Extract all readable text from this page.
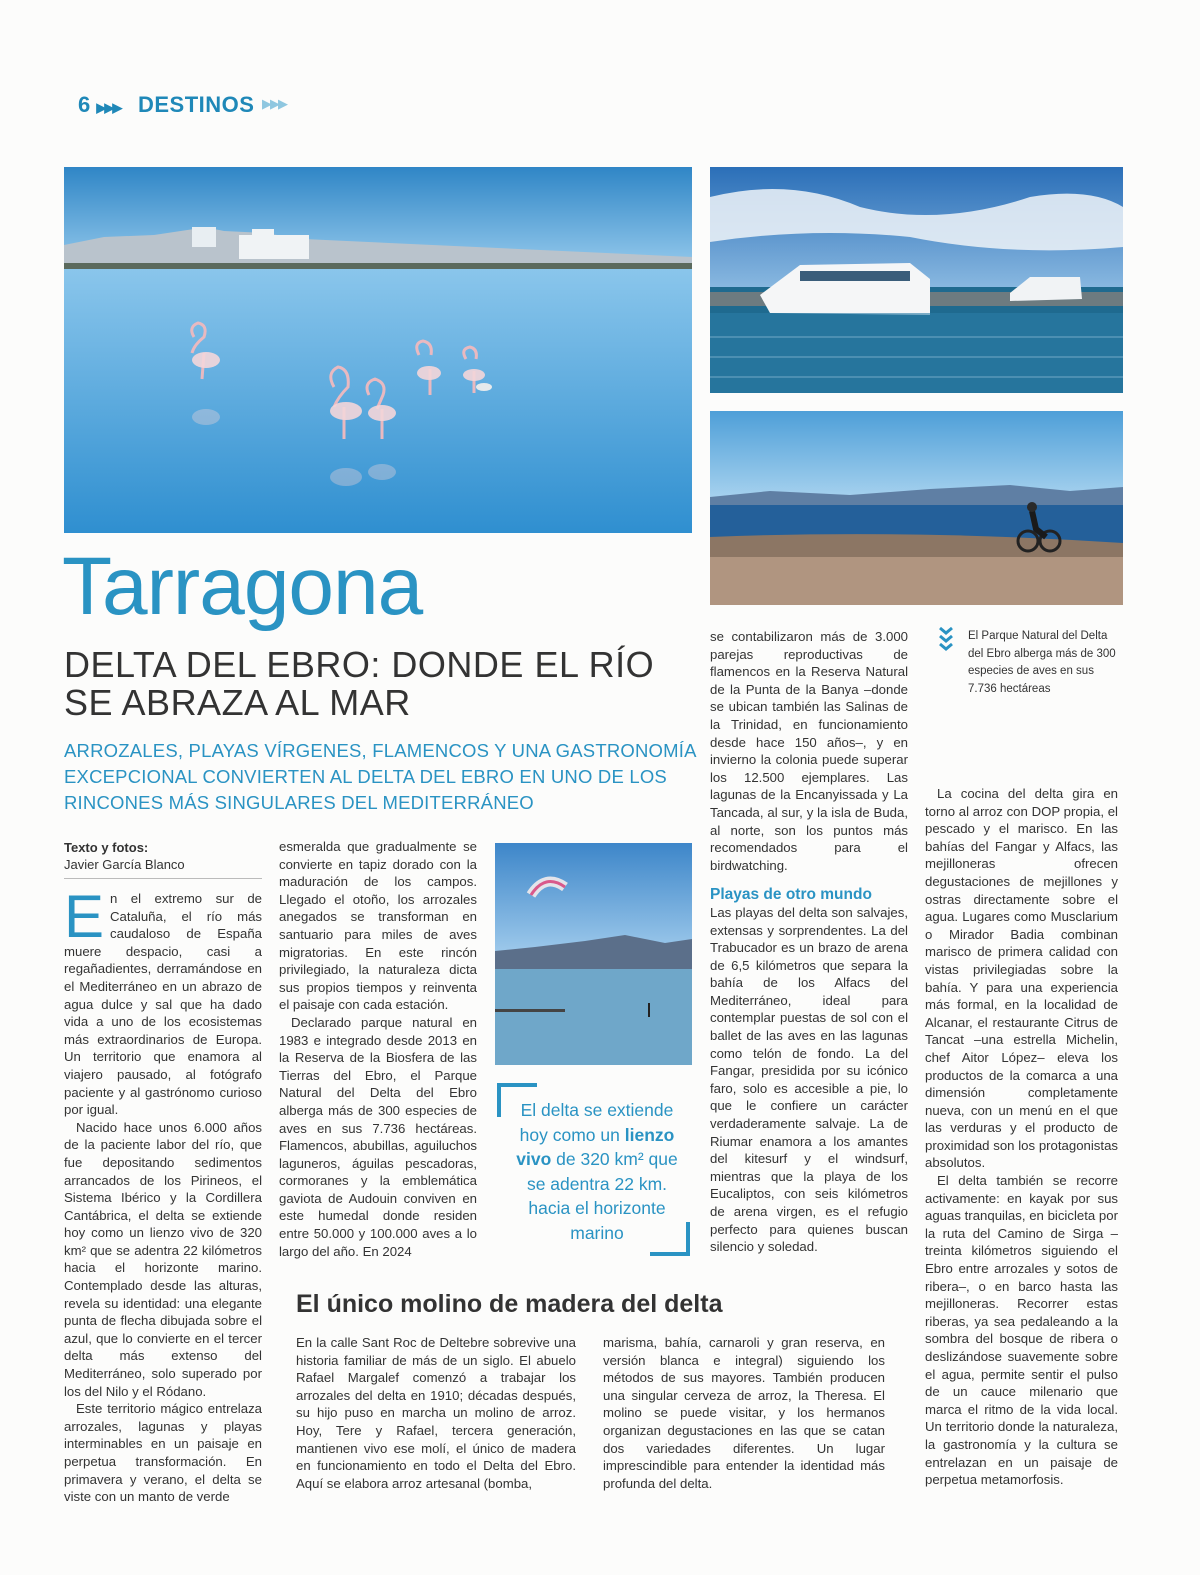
6 ▶▶▶ DESTINOS ▶▶▶
Tarragona
DELTA DEL EBRO: DONDE EL RÍO SE ABRAZA AL MAR
ARROZALES, PLAYAS VÍRGENES, FLAMENCOS Y UNA GASTRONOMÍA EXCEPCIONAL CONVIERTEN AL DELTA DEL EBRO EN UNO DE LOS RINCONES MÁS SINGULARES DEL MEDITERRÁNEO
Texto y fotos:
Javier García Blanco

En el extremo sur de Cataluña, el río más caudaloso de España muere despacio, casi a regañadientes, derramándose en el Mediterráneo en un abrazo de agua dulce y sal que ha dado vida a uno de los ecosistemas más extraordinarios de Europa. Un territorio que enamora al viajero pausado, al fotógrafo paciente y al gastrónomo curioso por igual.

Nacido hace unos 6.000 años de la paciente labor del río, que fue depositando sedimentos arrancados de los Pirineos, el Sistema Ibérico y la Cordillera Cantábrica, el delta se extiende hoy como un lienzo vivo de 320 km² que se adentra 22 kilómetros hacia el horizonte marino. Contemplado desde las alturas, revela su identidad: una elegante punta de flecha dibujada sobre el azul, que lo convierte en el tercer delta más extenso del Mediterráneo, solo superado por los del Nilo y el Ródano.

Este territorio mágico entrelaza arrozales, lagunas y playas interminables en un paisaje en perpetua transformación. En primavera y verano, el delta se viste con un manto de verde

esmeralda que gradualmente se convierte en tapiz dorado con la maduración de los campos. Llegado el otoño, los arrozales anegados se transforman en santuario para miles de aves migratorias. En este rincón privilegiado, la naturaleza dicta sus propios tiempos y reinventa el paisaje con cada estación.

Declarado parque natural en 1983 e integrado desde 2013 en la Reserva de la Biosfera de las Tierras del Ebro, el Parque Natural del Delta del Ebro alberga más de 300 especies de aves en sus 7.736 hectáreas. Flamencos, abubillas, aguiluchos laguneros, águilas pescadoras, cormoranes y la emblemática gaviota de Audouin conviven en este humedal donde residen entre 50.000 y 100.000 aves a lo largo del año. En 2024

El delta se extiende hoy como un lienzo vivo de 320 km² que se adentra 22 km. hacia el horizonte marino

se contabilizaron más de 3.000 parejas reproductivas de flamencos en la Reserva Natural de la Punta de la Banya –donde se ubican también las Salinas de la Trinidad, en funcionamiento desde hace 150 años–, y en invierno la colonia puede superar los 12.500 ejemplares. Las lagunas de la Encanyissada y La Tancada, al sur, y la isla de Buda, al norte, son los puntos más recomendados para el birdwatching.

Playas de otro mundo

Las playas del delta son salvajes, extensas y sorprendentes. La del Trabucador es un brazo de arena de 6,5 kilómetros que separa la bahía de los Alfacs del Mediterráneo, ideal para contemplar puestas de sol con el ballet de las aves en las lagunas como telón de fondo. La del Fangar, presidida por su icónico faro, solo es accesible a pie, lo que le confiere un carácter verdaderamente salvaje. La de Riumar enamora a los amantes del kitesurf y el windsurf, mientras que la playa de los Eucaliptos, con seis kilómetros de arena virgen, es el refugio perfecto para quienes buscan silencio y soledad.

El Parque Natural del Delta del Ebro alberga más de 300 especies de aves en sus 7.736 hectáreas

La cocina del delta gira en torno al arroz con DOP propia, el pescado y el marisco. En las bahías del Fangar y Alfacs, las mejilloneras ofrecen degustaciones de mejillones y ostras directamente sobre el agua. Lugares como Musclarium o Mirador Badia combinan marisco de primera calidad con vistas privilegiadas sobre la bahía. Y para una experiencia más formal, en la localidad de Alcanar, el restaurante Citrus de Tancat –una estrella Michelin, chef Aitor López– eleva los productos de la comarca a una dimensión completamente nueva, con un menú en el que las verduras y el producto de proximidad son los protagonistas absolutos.

El delta también se recorre activamente: en kayak por sus aguas tranquilas, en bicicleta por la ruta del Camino de Sirga –treinta kilómetros siguiendo el Ebro entre arrozales y sotos de ribera–, o en barco hasta las mejilloneras. Recorrer estas riberas, ya sea pedaleando a la sombra del bosque de ribera o deslizándose suavemente sobre el agua, permite sentir el pulso de un cauce milenario que marca el ritmo de la vida local. Un territorio donde la naturaleza, la gastronomía y la cultura se entrelazan en un paisaje de perpetua metamorfosis.

El único molino de madera del delta

En la calle Sant Roc de Deltebre sobrevive una historia familiar de más de un siglo. El abuelo Rafael Margalef comenzó a trabajar los arrozales del delta en 1910; décadas después, su hijo puso en marcha un molino de arroz. Hoy, Tere y Rafael, tercera generación, mantienen vivo ese molí, el único de madera en funcionamiento en todo el Delta del Ebro. Aquí se elabora arroz artesanal (bomba,

marisma, bahía, carnaroli y gran reserva, en versión blanca e integral) siguiendo los métodos de sus mayores. También producen una singular cerveza de arroz, la Theresa. El molino se puede visitar, y los hermanos organizan degustaciones en las que se catan dos variedades diferentes. Un lugar imprescindible para entender la identidad más profunda del delta.
